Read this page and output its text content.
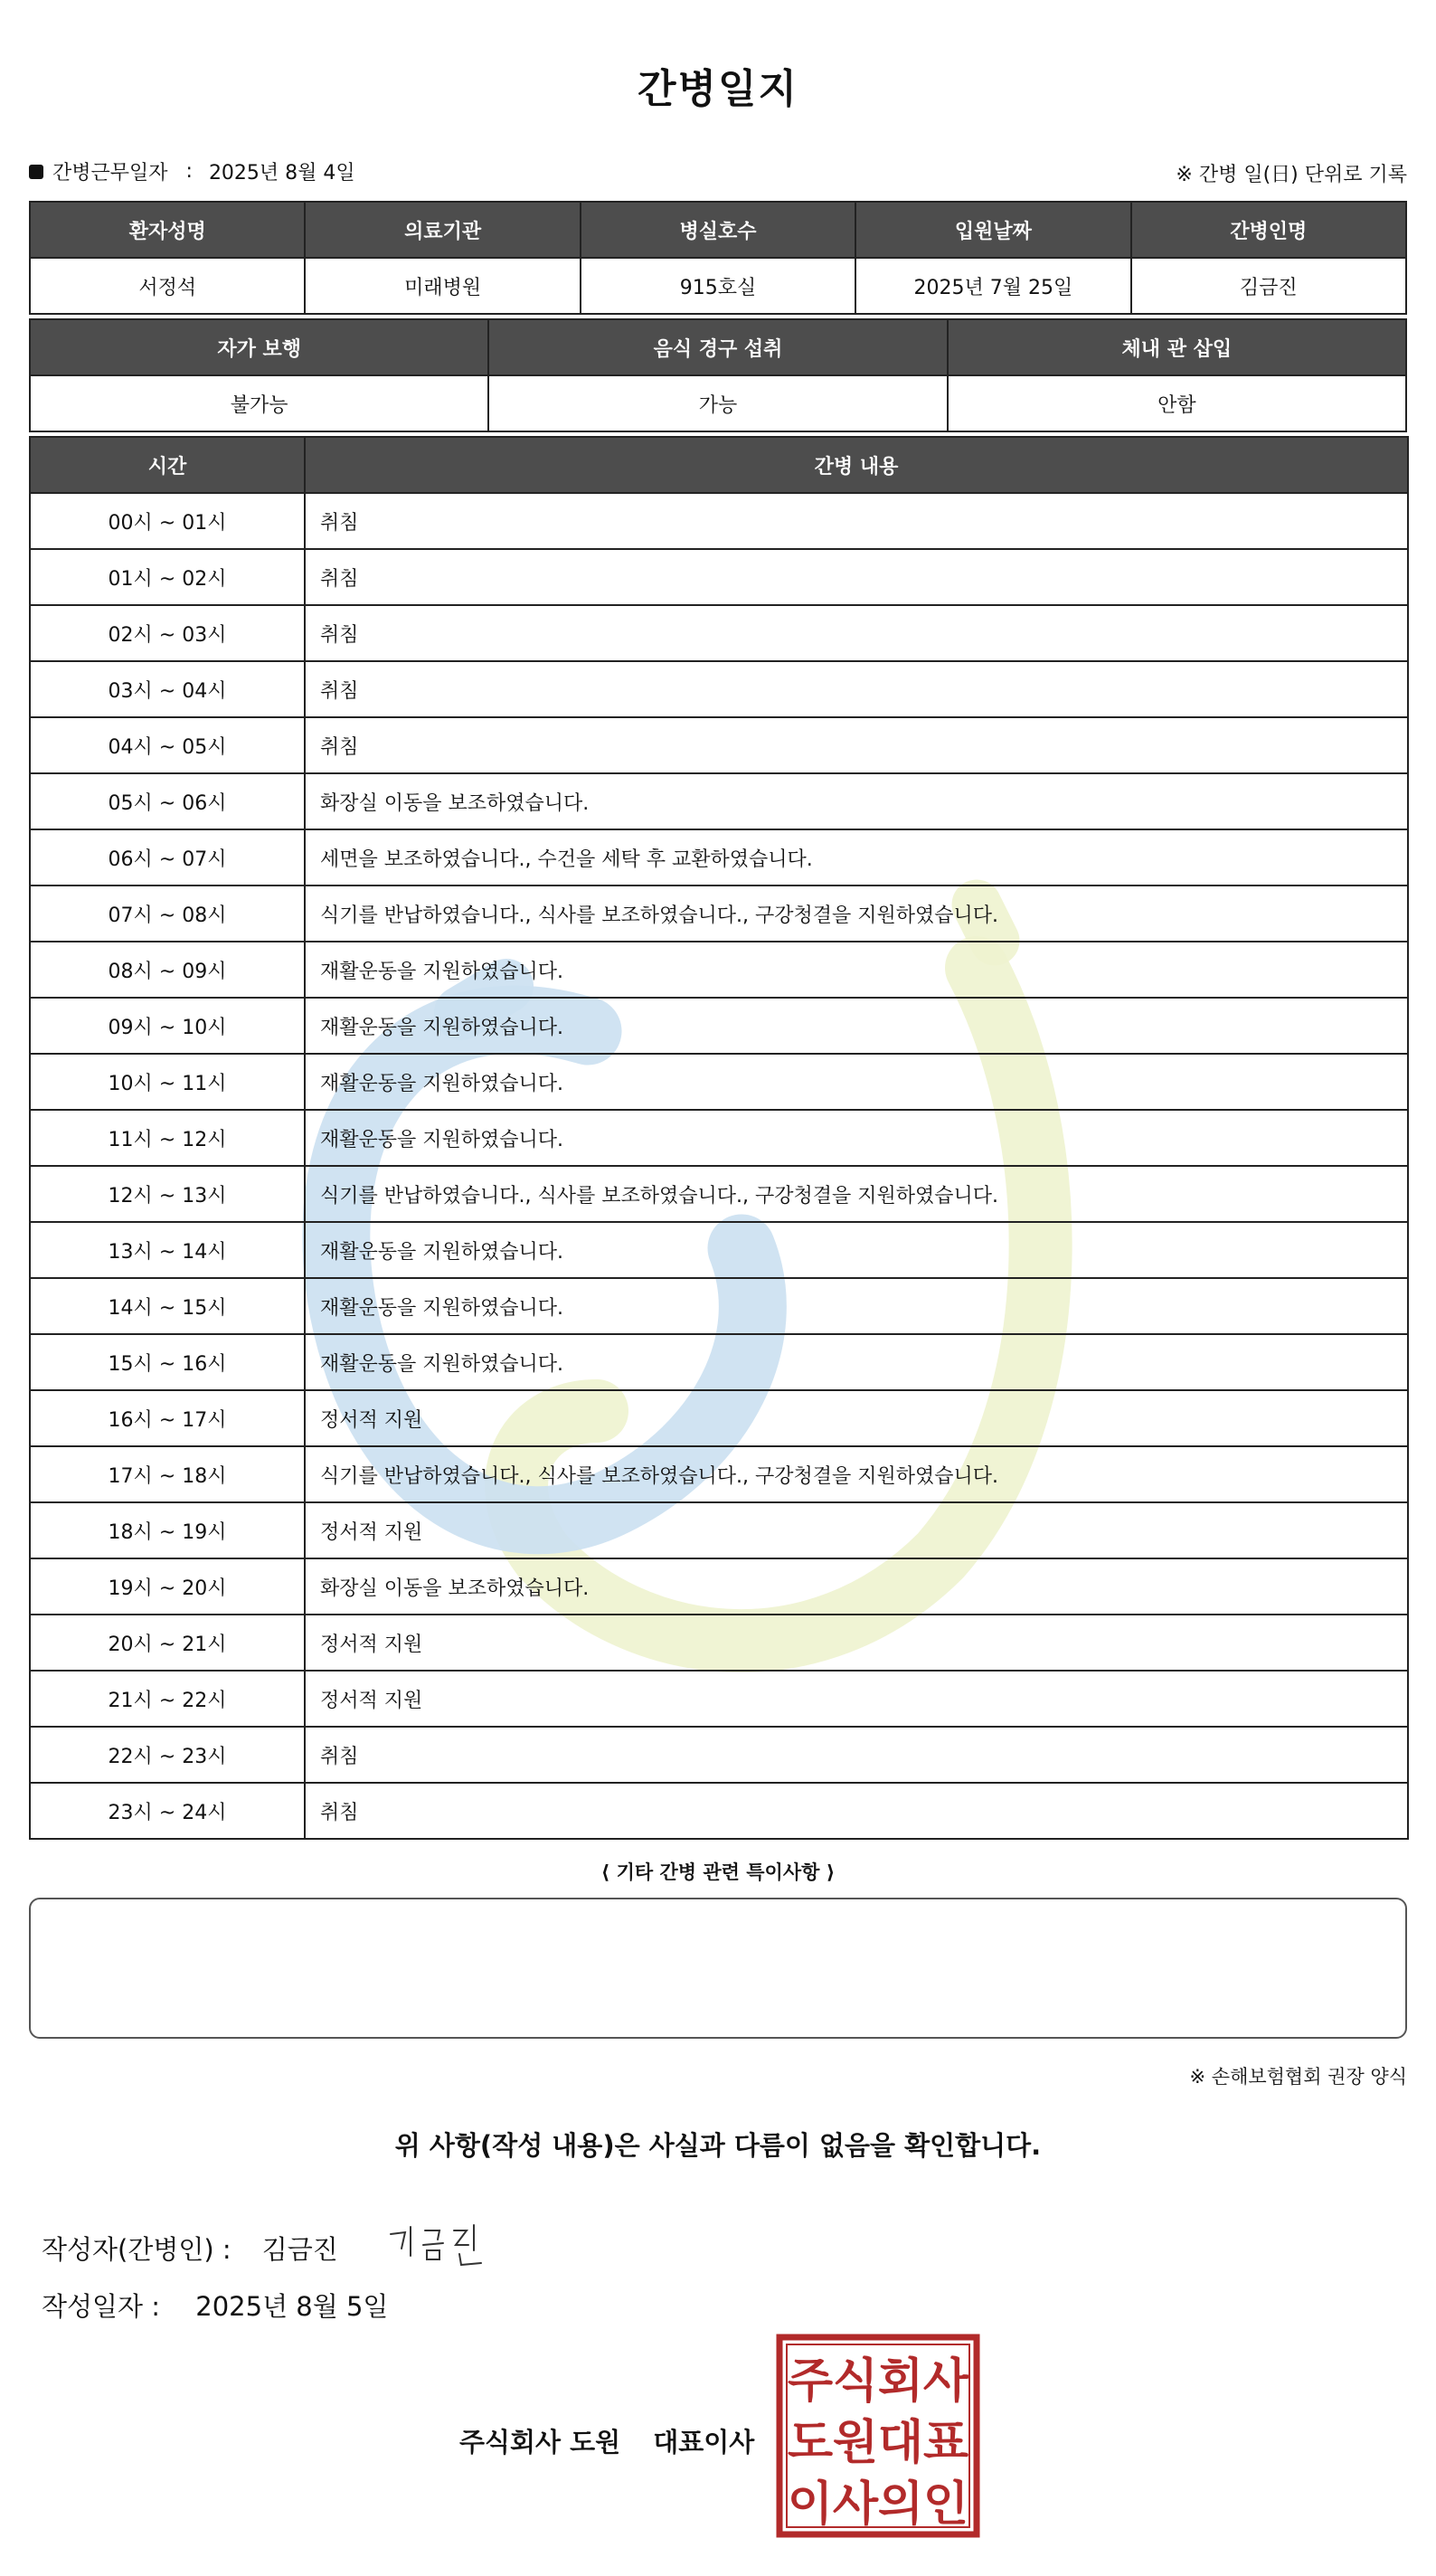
간병일지
간병근무일자 : 2025년 8월 4일	※ 간병 일(日) 단위로 기록
환자성명	의료기관	병실호수	입원날짜	간병인명
서정석	미래병원	915호실	2025년 7월 25일	김금진
자가 보행	음식 경구 섭취	체내 관 삽입
불가능	가능	안함
시간	간병 내용
00시 ~ 01시	취침
01시 ~ 02시	취침
02시 ~ 03시	취침
03시 ~ 04시	취침
04시 ~ 05시	취침
05시 ~ 06시	화장실 이동을 보조하였습니다.
06시 ~ 07시	세면을 보조하였습니다., 수건을 세탁 후 교환하였습니다.
07시 ~ 08시	식기를 반납하였습니다., 식사를 보조하였습니다., 구강청결을 지원하였습니다.
08시 ~ 09시	재활운동을 지원하였습니다.
09시 ~ 10시	재활운동을 지원하였습니다.
10시 ~ 11시	재활운동을 지원하였습니다.
11시 ~ 12시	재활운동을 지원하였습니다.
12시 ~ 13시	식기를 반납하였습니다., 식사를 보조하였습니다., 구강청결을 지원하였습니다.
13시 ~ 14시	재활운동을 지원하였습니다.
14시 ~ 15시	재활운동을 지원하였습니다.
15시 ~ 16시	재활운동을 지원하였습니다.
16시 ~ 17시	정서적 지원
17시 ~ 18시	식기를 반납하였습니다., 식사를 보조하였습니다., 구강청결을 지원하였습니다.
18시 ~ 19시	정서적 지원
19시 ~ 20시	화장실 이동을 보조하였습니다.
20시 ~ 21시	정서적 지원
21시 ~ 22시	정서적 지원
22시 ~ 23시	취침
23시 ~ 24시	취침
⟨ 기타 간병 관련 특이사항 ⟩
※ 손해보험협회 권장 양식
위 사항(작성 내용)은 사실과 다름이 없음을 확인합니다.
작성자(간병인) : 김금진
작성일자 : 2025년 8월 5일
주식회사 도원 대표이사
주 식 회 사
도 원 대 표
이 사 의 인
